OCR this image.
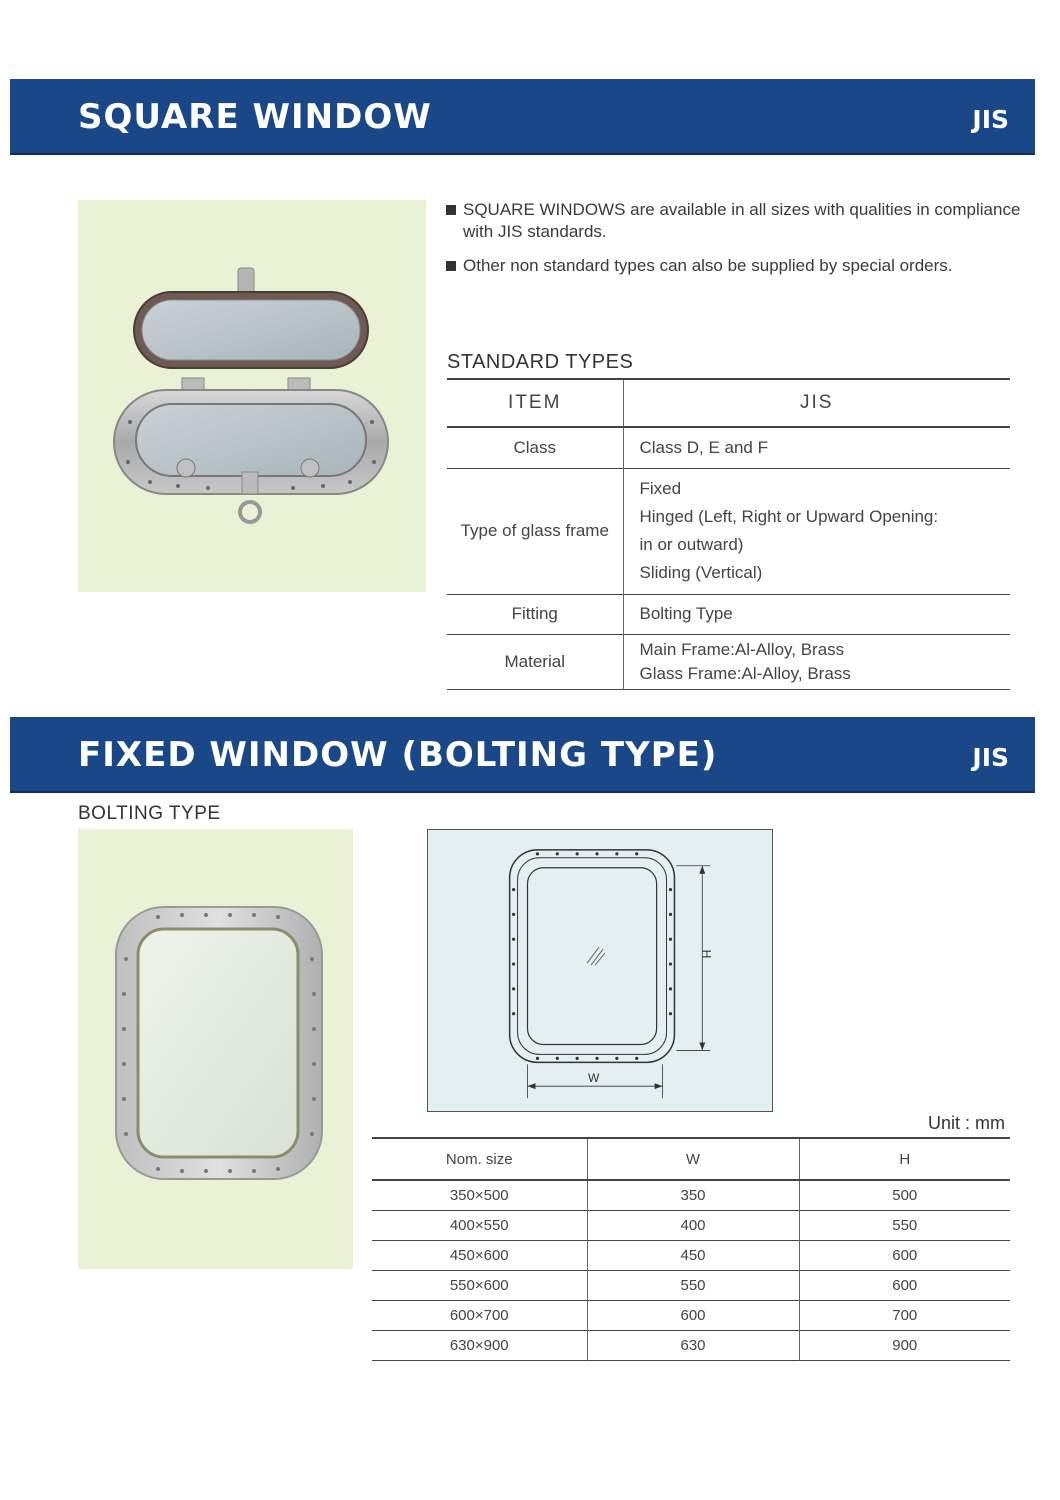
SQUARE WINDOW	JIS
SQUARE WINDOWS are available in all sizes with qualities in compliance with JIS standards.
Other non standard types can also be supplied by special orders.
STANDARD TYPES
ITEM	JIS
Class	Class D, E and F

Type of glass frame	Fixed
Hinged (Left, Right or Upward Opening:
in or outward)
Sliding (Vertical)

Fitting	Bolting Type

Material	Main Frame:Al-Alloy, Brass
Glass Frame:Al-Alloy, Brass
FIXED WINDOW (BOLTING TYPE)	JIS
BOLTING TYPE
H
W
Unit : mm
Nom. size	W	H
350×500	350	500
400×550	400	550
450×600	450	600
550×600	550	600
600×700	600	700
630×900	630	900
